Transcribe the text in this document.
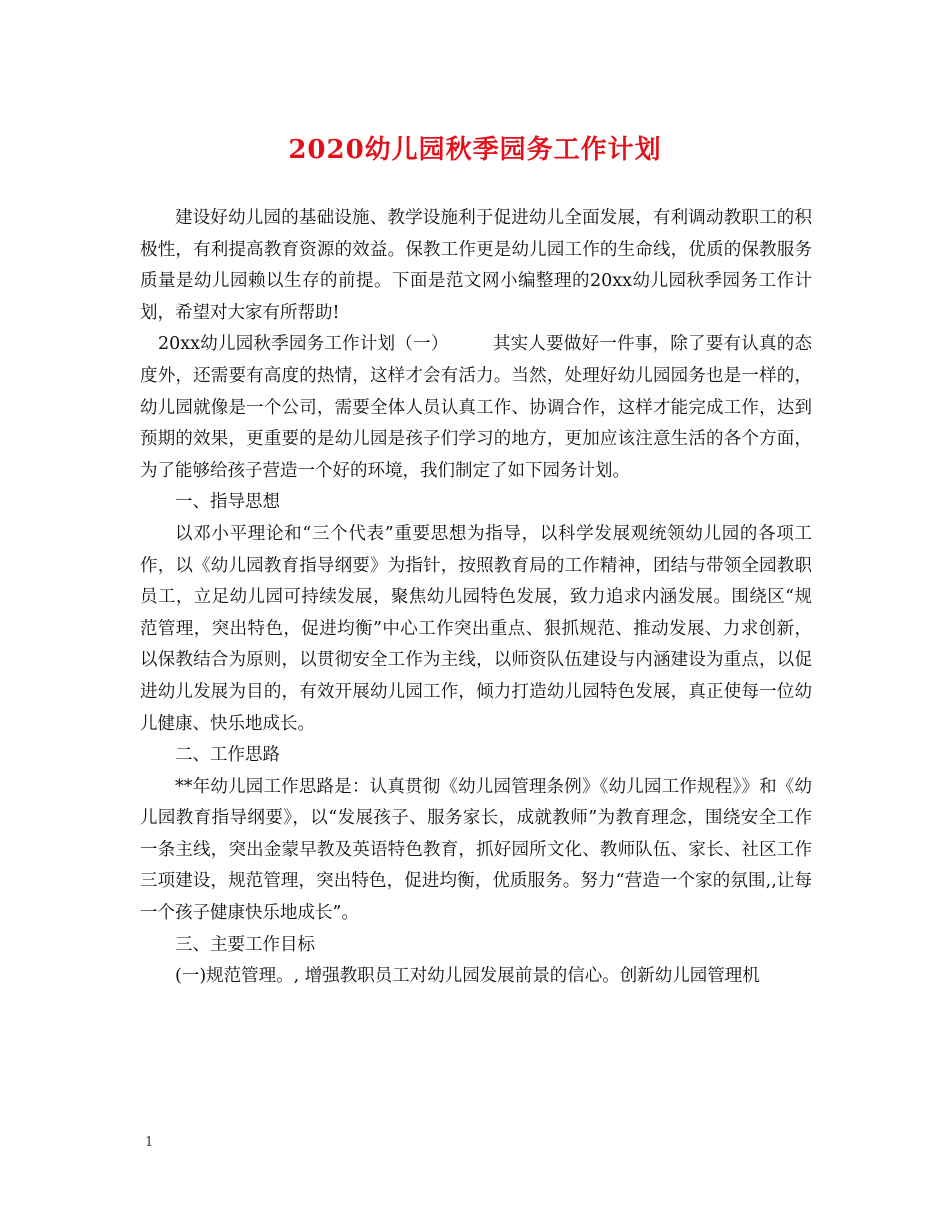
2020幼儿园秋季园务工作计划

建设好幼儿园的基础设施、教学设施利于促进幼儿全面发展，有利调动教职工的积极性，有利提高教育资源的效益。保教工作更是幼儿园工作的生命线，优质的保教服务质量是幼儿园赖以生存的前提。下面是范文网小编整理的20xx幼儿园秋季园务工作计划，希望对大家有所帮助!

20xx幼儿园秋季园务工作计划（一）	其实人要做好一件事，除了要有认真的态度外，还需要有高度的热情，这样才会有活力。当然，处理好幼儿园园务也是一样的，幼儿园就像是一个公司，需要全体人员认真工作、协调合作，这样才能完成工作，达到预期的效果，更重要的是幼儿园是孩子们学习的地方，更加应该注意生活的各个方面，为了能够给孩子营造一个好的环境，我们制定了如下园务计划。

一、指导思想

以邓小平理论和“三个代表”重要思想为指导，以科学发展观统领幼儿园的各项工作，以《幼儿园教育指导纲要》为指针，按照教育局的工作精神，团结与带领全园教职员工，立足幼儿园可持续发展，聚焦幼儿园特色发展，致力追求内涵发展。围绕区“规范管理，突出特色，促进均衡”中心工作突出重点、狠抓规范、推动发展、力求创新，以保教结合为原则，以贯彻安全工作为主线，以师资队伍建设与内涵建设为重点，以促进幼儿发展为目的，有效开展幼儿园工作，倾力打造幼儿园特色发展，真正使每一位幼儿健康、快乐地成长。

二、工作思路

**年幼儿园工作思路是：认真贯彻《幼儿园管理条例》《幼儿园工作规程》》和《幼儿园教育指导纲要》，以“发展孩子、服务家长，成就教师”为教育理念，围绕安全工作一条主线，突出金蒙早教及英语特色教育，抓好园所文化、教师队伍、家长、社区工作三项建设，规范管理，突出特色，促进均衡，优质服务。努力“营造一个家的氛围,,让每一个孩子健康快乐地成长”。

三、主要工作目标

(一)规范管理。, 增强教职员工对幼儿园发展前景的信心。创新幼儿园管理机

1
